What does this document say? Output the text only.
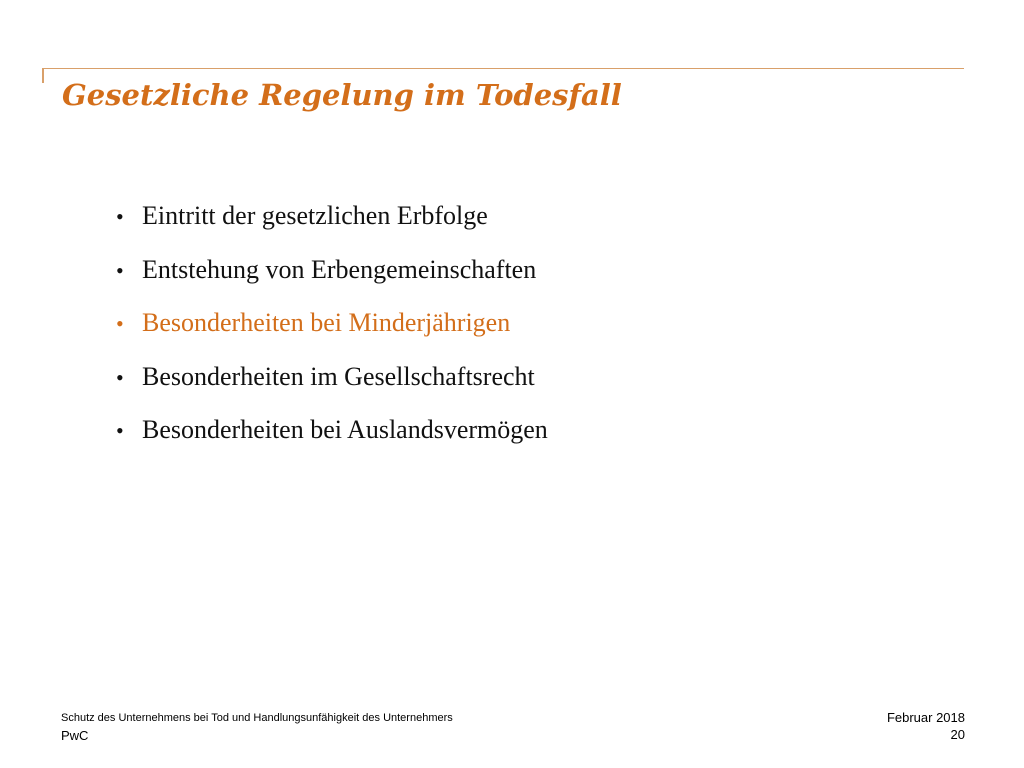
Gesetzliche Regelung im Todesfall
• Eintritt der gesetzlichen Erbfolge
• Entstehung von Erbengemeinschaften
• Besonderheiten bei Minderjährigen
• Besonderheiten im Gesellschaftsrecht
• Besonderheiten bei Auslandsvermögen
Schutz des Unternehmens bei Tod und Handlungsunfähigkeit des Unternehmers
PwC
Februar 2018
20
